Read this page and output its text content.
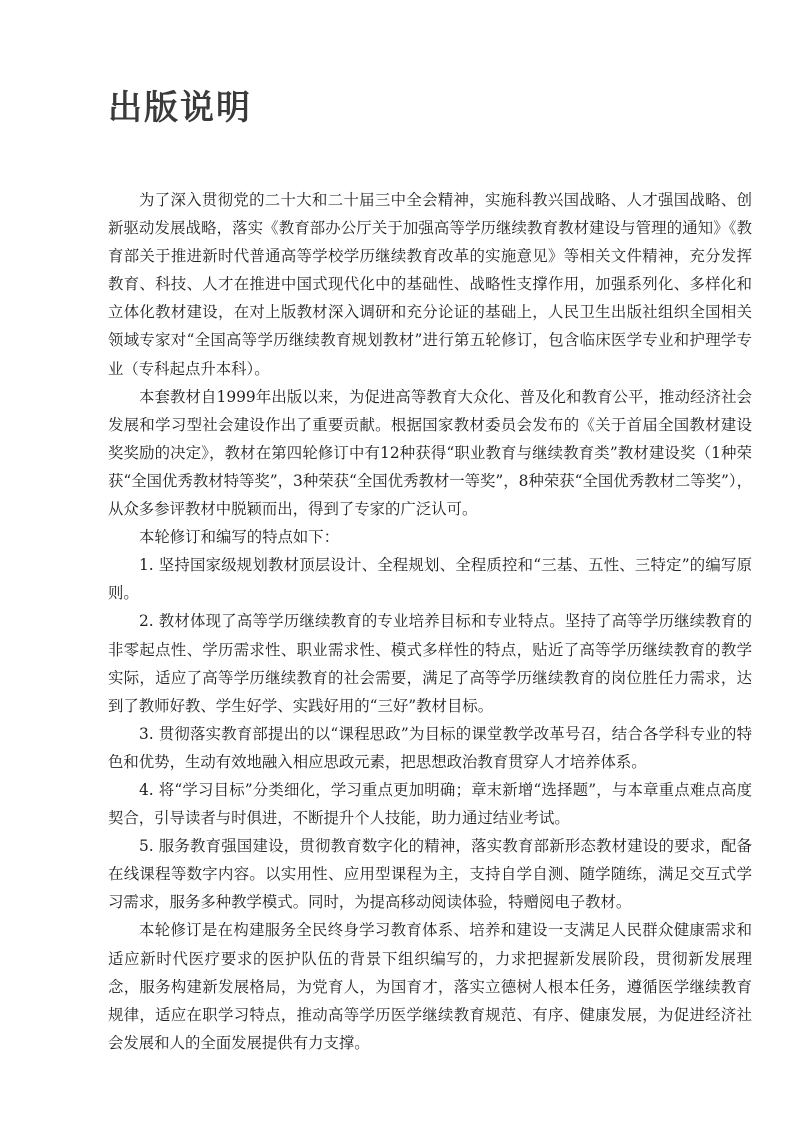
出版说明

为了深入贯彻党的二十大和二十届三中全会精神，实施科教兴国战略、人才强国战略、创新驱动发展战略，落实《教育部办公厅关于加强高等学历继续教育教材建设与管理的通知》《教育部关于推进新时代普通高等学校学历继续教育改革的实施意见》等相关文件精神，充分发挥教育、科技、人才在推进中国式现代化中的基础性、战略性支撑作用，加强系列化、多样化和立体化教材建设，在对上版教材深入调研和充分论证的基础上，人民卫生出版社组织全国相关领域专家对“全国高等学历继续教育规划教材”进行第五轮修订，包含临床医学专业和护理学专业（专科起点升本科）。

本套教材自1999年出版以来，为促进高等教育大众化、普及化和教育公平，推动经济社会发展和学习型社会建设作出了重要贡献。根据国家教材委员会发布的《关于首届全国教材建设奖奖励的决定》，教材在第四轮修订中有12种获得“职业教育与继续教育类”教材建设奖（1种荣获“全国优秀教材特等奖”，3种荣获“全国优秀教材一等奖”，8种荣获“全国优秀教材二等奖”），从众多参评教材中脱颖而出，得到了专家的广泛认可。

本轮修订和编写的特点如下：

1. 坚持国家级规划教材顶层设计、全程规划、全程质控和“三基、五性、三特定”的编写原则。

2. 教材体现了高等学历继续教育的专业培养目标和专业特点。坚持了高等学历继续教育的非零起点性、学历需求性、职业需求性、模式多样性的特点，贴近了高等学历继续教育的教学实际，适应了高等学历继续教育的社会需要，满足了高等学历继续教育的岗位胜任力需求，达到了教师好教、学生好学、实践好用的“三好”教材目标。

3. 贯彻落实教育部提出的以“课程思政”为目标的课堂教学改革号召，结合各学科专业的特色和优势，生动有效地融入相应思政元素，把思想政治教育贯穿人才培养体系。

4. 将“学习目标”分类细化，学习重点更加明确；章末新增“选择题”，与本章重点难点高度契合，引导读者与时俱进，不断提升个人技能，助力通过结业考试。

5. 服务教育强国建设，贯彻教育数字化的精神，落实教育部新形态教材建设的要求，配备在线课程等数字内容。以实用性、应用型课程为主，支持自学自测、随学随练，满足交互式学习需求，服务多种教学模式。同时，为提高移动阅读体验，特赠阅电子教材。

本轮修订是在构建服务全民终身学习教育体系、培养和建设一支满足人民群众健康需求和适应新时代医疗要求的医护队伍的背景下组织编写的，力求把握新发展阶段，贯彻新发展理念，服务构建新发展格局，为党育人，为国育才，落实立德树人根本任务，遵循医学继续教育规律，适应在职学习特点，推动高等学历医学继续教育规范、有序、健康发展，为促进经济社会发展和人的全面发展提供有力支撑。
